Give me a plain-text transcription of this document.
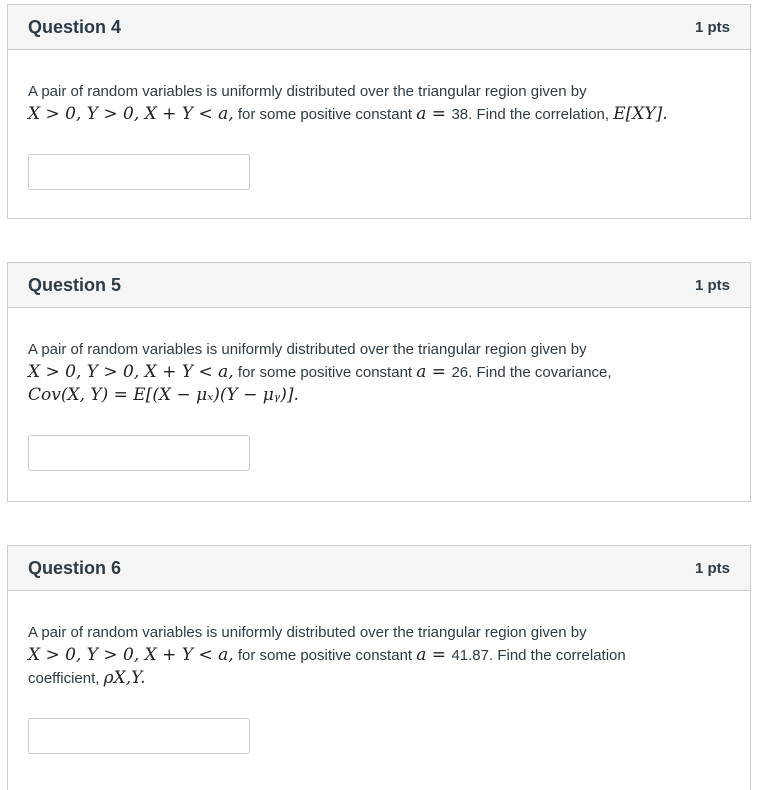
Question 4	1 pts

A pair of random variables is uniformly distributed over the triangular region given by
X > 0, Y > 0, X + Y < a, for some positive constant a = 38. Find the correlation, E[XY].

Question 5	1 pts

A pair of random variables is uniformly distributed over the triangular region given by
X > 0, Y > 0, X + Y < a, for some positive constant a = 26. Find the covariance,
Cov(X, Y) = E[(X − μₓ)(Y − μᵧ)].

Question 6	1 pts

A pair of random variables is uniformly distributed over the triangular region given by
X > 0, Y > 0, X + Y < a, for some positive constant a = 41.87. Find the correlation
coefficient, ρX,Y.
